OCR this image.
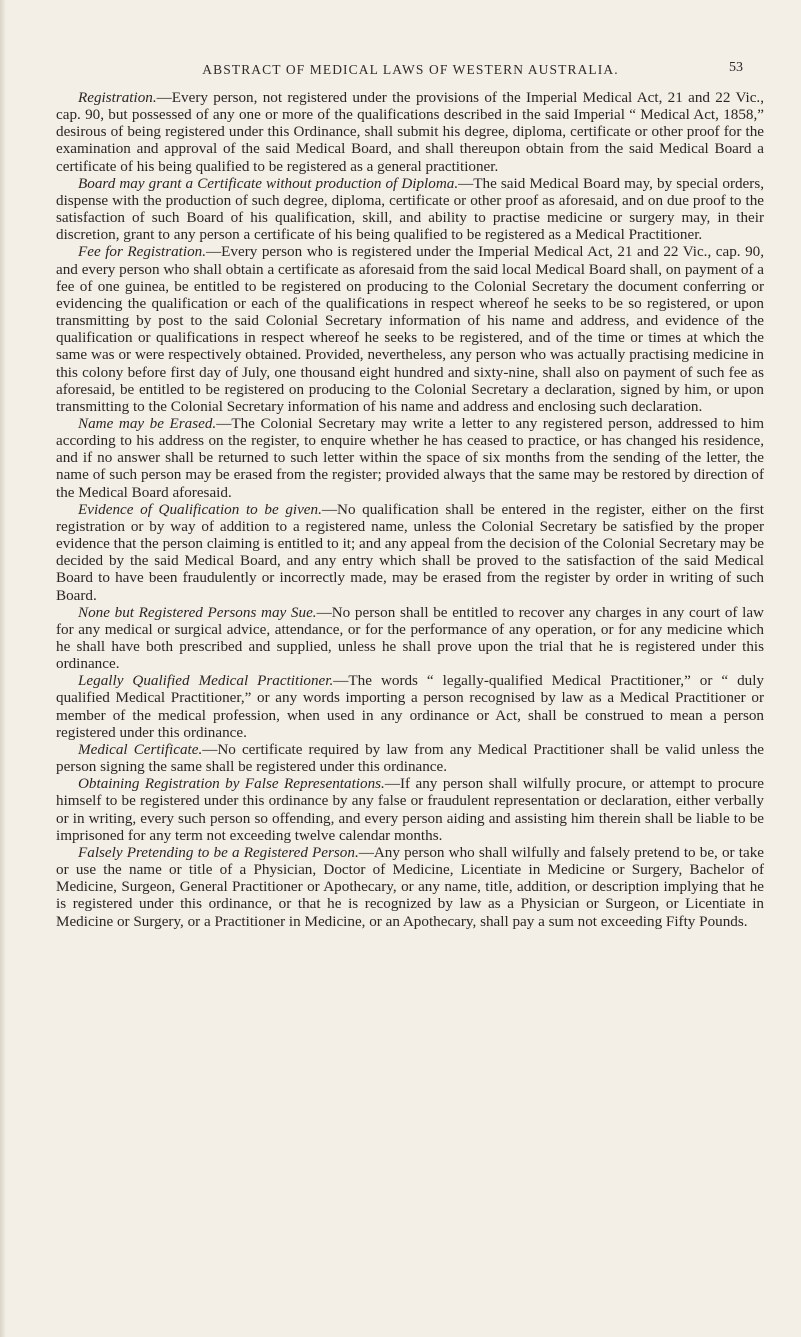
ABSTRACT OF MEDICAL LAWS OF WESTERN AUSTRALIA.	53

Registration.—Every person, not registered under the provisions of the Imperial Medical Act, 21 and 22 Vic., cap. 90, but possessed of any one or more of the qualifications described in the said Imperial “ Medical Act, 1858,” desirous of being registered under this Ordinance, shall submit his degree, diploma, certificate or other proof for the examination and approval of the said Medical Board, and shall thereupon obtain from the said Medical Board a certificate of his being qualified to be registered as a general practitioner.

Board may grant a Certificate without production of Diploma.—The said Medical Board may, by special orders, dispense with the production of such degree, diploma, certificate or other proof as aforesaid, and on due proof to the satisfaction of such Board of his qualification, skill, and ability to practise medicine or surgery may, in their discretion, grant to any person a certificate of his being qualified to be registered as a Medical Practitioner.

Fee for Registration.—Every person who is registered under the Imperial Medical Act, 21 and 22 Vic., cap. 90, and every person who shall obtain a certificate as aforesaid from the said local Medical Board shall, on payment of a fee of one guinea, be entitled to be registered on producing to the Colonial Secretary the document conferring or evidencing the qualification or each of the qualifications in respect whereof he seeks to be so registered, or upon transmitting by post to the said Colonial Secretary information of his name and address, and evidence of the qualification or qualifications in respect whereof he seeks to be registered, and of the time or times at which the same was or were respectively obtained. Provided, nevertheless, any person who was actually practising medicine in this colony before first day of July, one thousand eight hundred and sixty-nine, shall also on payment of such fee as aforesaid, be entitled to be registered on producing to the Colonial Secretary a declaration, signed by him, or upon transmitting to the Colonial Secretary information of his name and address and enclosing such declaration.

Name may be Erased.—The Colonial Secretary may write a letter to any registered person, addressed to him according to his address on the register, to enquire whether he has ceased to practice, or has changed his residence, and if no answer shall be returned to such letter within the space of six months from the sending of the letter, the name of such person may be erased from the register; provided always that the same may be restored by direction of the Medical Board aforesaid.

Evidence of Qualification to be given.—No qualification shall be entered in the register, either on the first registration or by way of addition to a registered name, unless the Colonial Secretary be satisfied by the proper evidence that the person claiming is entitled to it; and any appeal from the decision of the Colonial Secretary may be decided by the said Medical Board, and any entry which shall be proved to the satisfaction of the said Medical Board to have been fraudulently or incorrectly made, may be erased from the register by order in writing of such Board.

None but Registered Persons may Sue.—No person shall be entitled to recover any charges in any court of law for any medical or surgical advice, attendance, or for the performance of any operation, or for any medicine which he shall have both prescribed and supplied, unless he shall prove upon the trial that he is registered under this ordinance.

Legally Qualified Medical Practitioner.—The words “ legally-qualified Medical Practitioner,” or “ duly qualified Medical Practitioner,” or any words importing a person recognised by law as a Medical Practitioner or member of the medical profession, when used in any ordinance or Act, shall be construed to mean a person registered under this ordinance.

Medical Certificate.—No certificate required by law from any Medical Practitioner shall be valid unless the person signing the same shall be registered under this ordinance.

Obtaining Registration by False Representations.—If any person shall wilfully procure, or attempt to procure himself to be registered under this ordinance by any false or fraudulent representation or declaration, either verbally or in writing, every such person so offending, and every person aiding and assisting him therein shall be liable to be imprisoned for any term not exceeding twelve calendar months.

Falsely Pretending to be a Registered Person.—Any person who shall wilfully and falsely pretend to be, or take or use the name or title of a Physician, Doctor of Medicine, Licentiate in Medicine or Surgery, Bachelor of Medicine, Surgeon, General Practitioner or Apothecary, or any name, title, addition, or description implying that he is registered under this ordinance, or that he is recognized by law as a Physician or Surgeon, or Licentiate in Medicine or Surgery, or a Practitioner in Medicine, or an Apothecary, shall pay a sum not exceeding Fifty Pounds.
